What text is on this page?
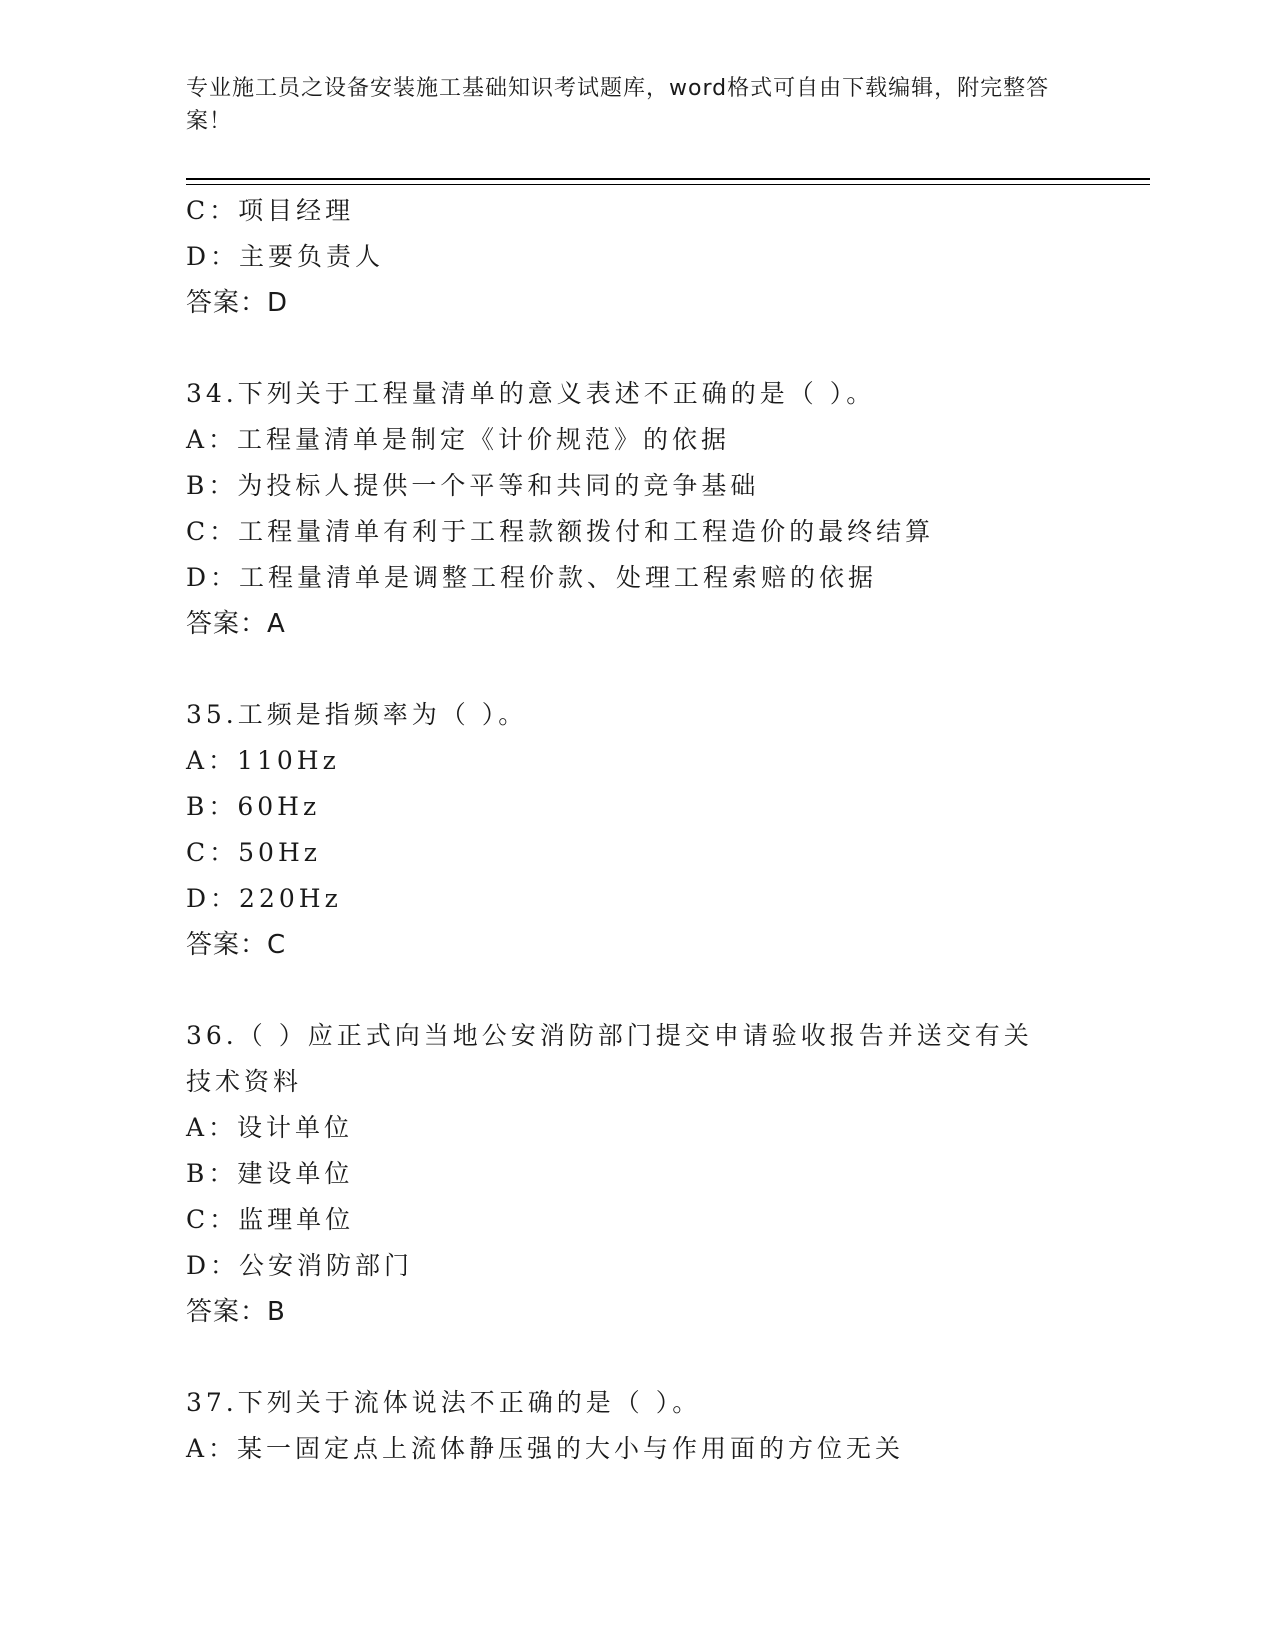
专业施工员之设备安装施工基础知识考试题库，word格式可自由下载编辑，附完整答案！
C：项目经理
D：主要负责人
答案：D
34.下列关于工程量清单的意义表述不正确的是（ ）。
A：工程量清单是制定《计价规范》的依据
B：为投标人提供一个平等和共同的竞争基础
C：工程量清单有利于工程款额拨付和工程造价的最终结算
D：工程量清单是调整工程价款、处理工程索赔的依据
答案：A
35.工频是指频率为（ ）。
A：110Hz
B：60Hz
C：50Hz
D：220Hz
答案：C
36.（ ）应正式向当地公安消防部门提交申请验收报告并送交有关技术资料
A：设计单位
B：建设单位
C：监理单位
D：公安消防部门
答案：B
37.下列关于流体说法不正确的是（ ）。
A：某一固定点上流体静压强的大小与作用面的方位无关
